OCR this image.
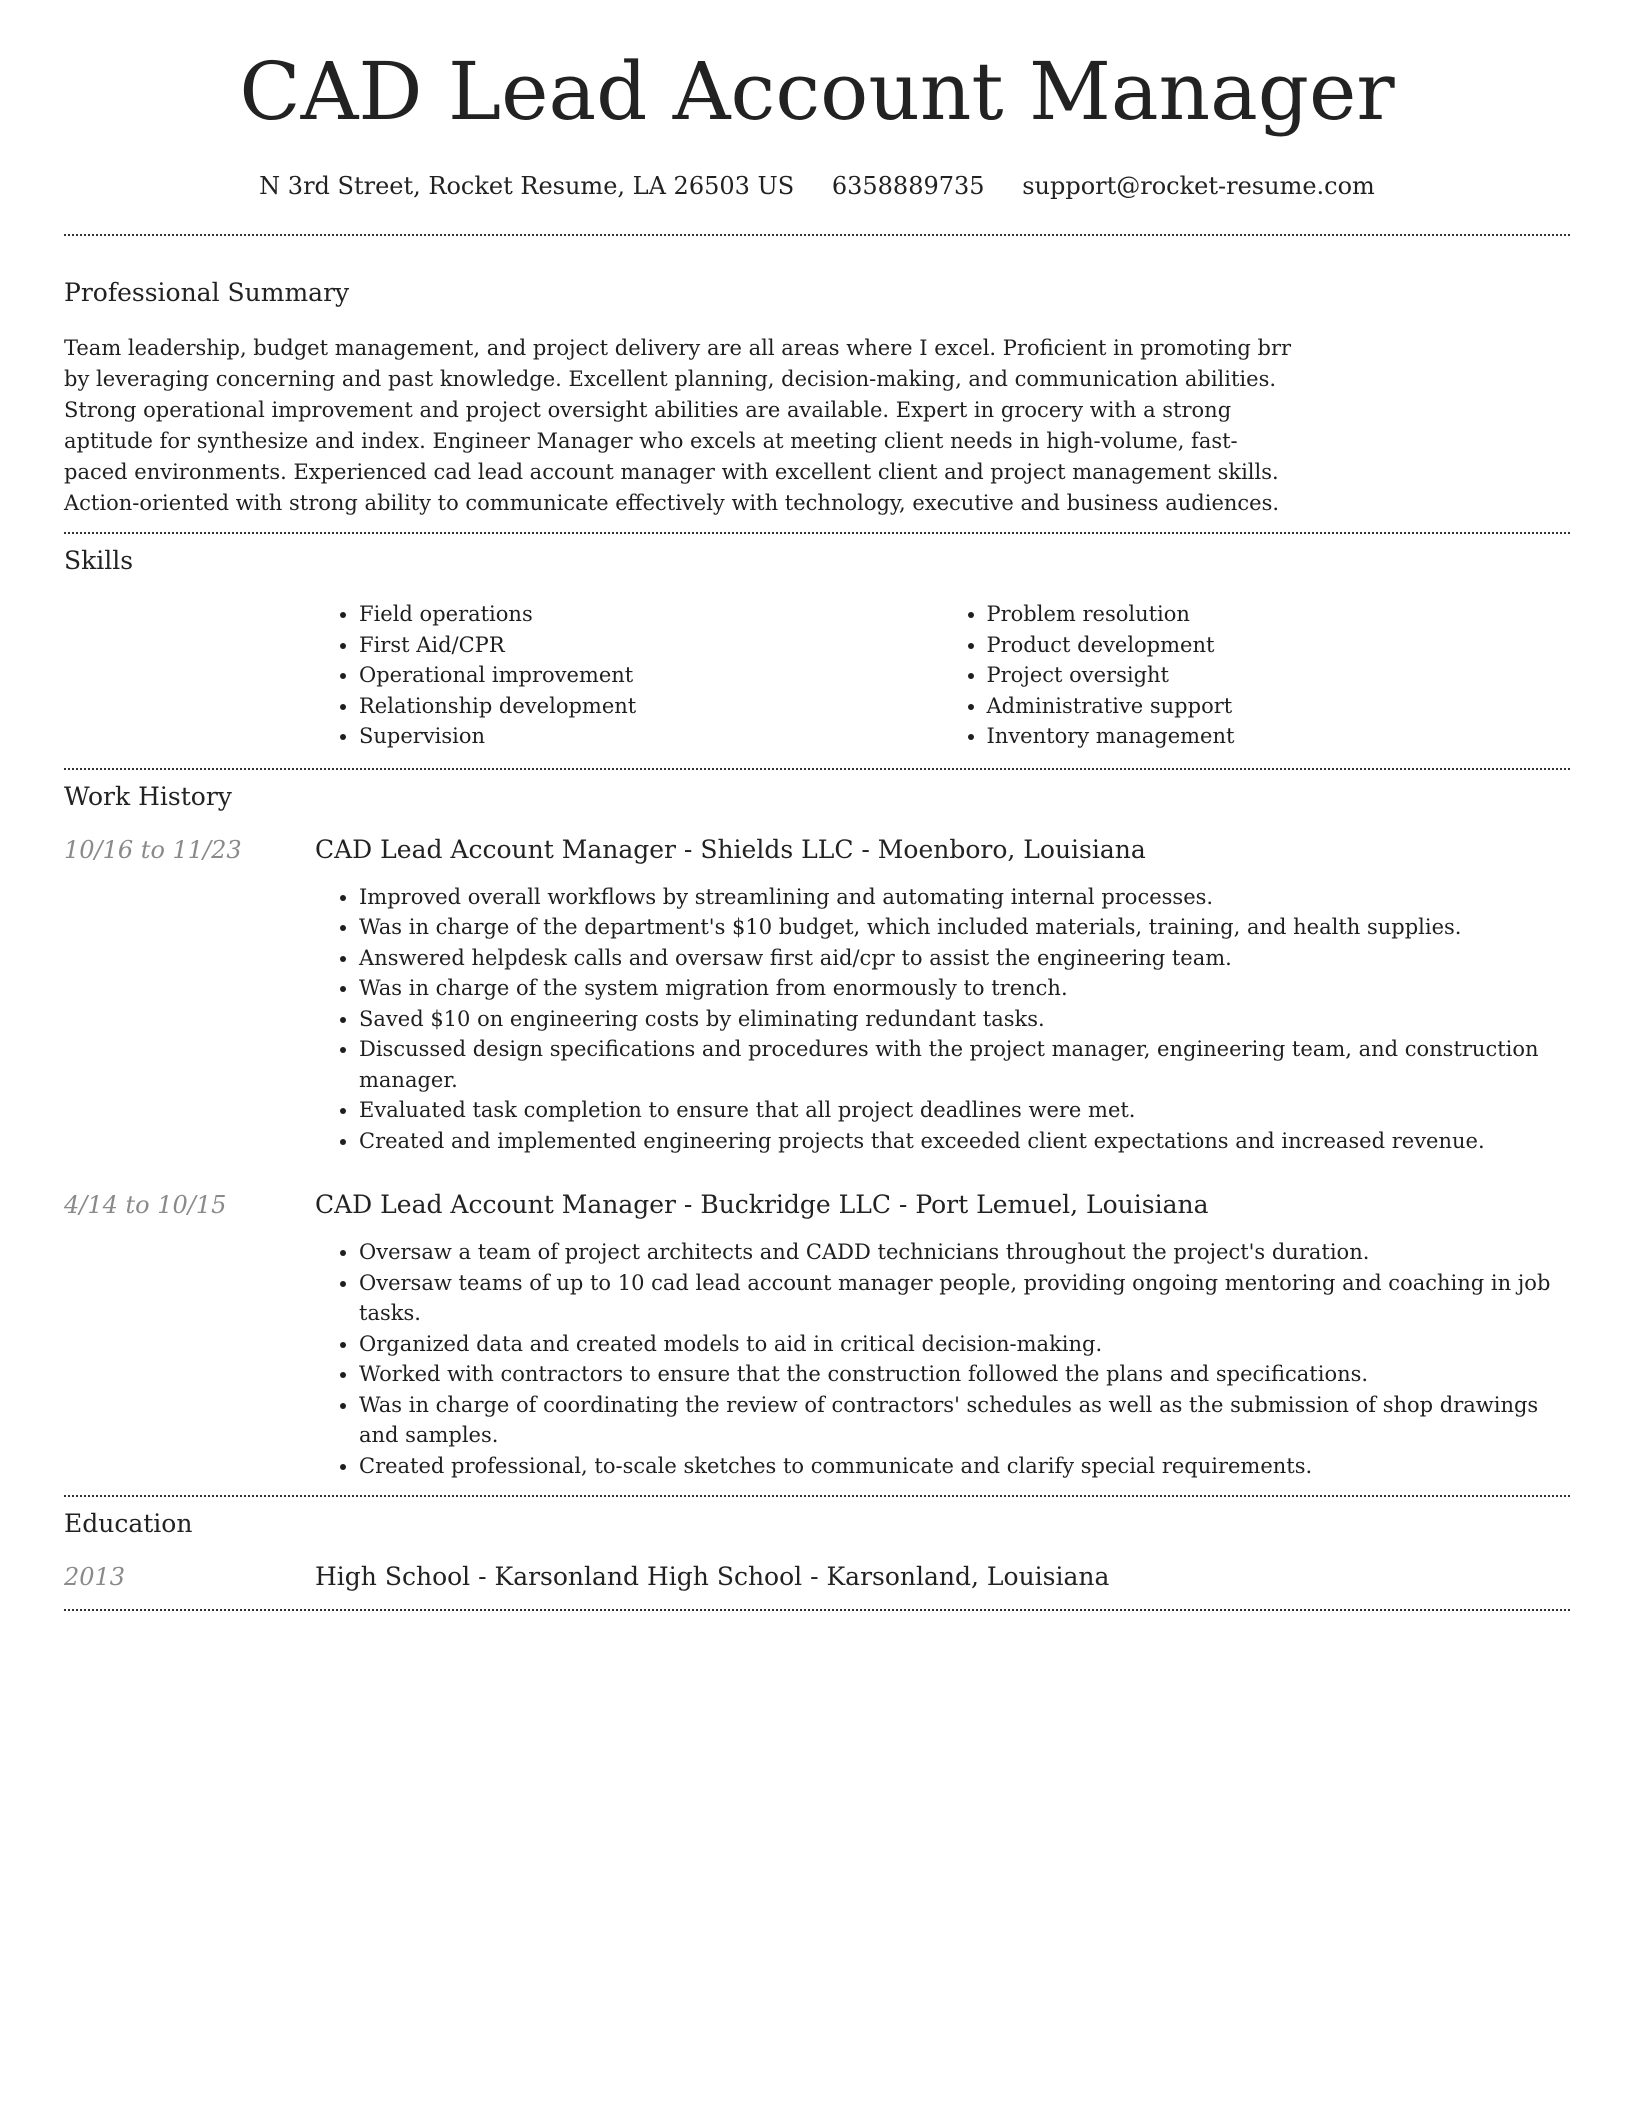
CAD Lead Account Manager
N 3rd Street, Rocket Resume, LA 26503 US 6358889735 support@rocket-resume.com
Professional Summary

Team leadership, budget management, and project delivery are all areas where I excel. Proficient in promoting brr by leveraging concerning and past knowledge. Excellent planning, decision-making, and communication abilities. Strong operational improvement and project oversight abilities are available. Expert in grocery with a strong aptitude for synthesize and index. Engineer Manager who excels at meeting client needs in high-volume, fast-paced environments. Experienced cad lead account manager with excellent client and project management skills. Action-oriented with strong ability to communicate effectively with technology, executive and business audiences.

Skills
• Field operations
• First Aid/CPR
• Operational improvement
• Relationship development
• Supervision
• Problem resolution
• Product development
• Project oversight
• Administrative support
• Inventory management
Work History
10/16 to 11/23	CAD Lead Account Manager - Shields LLC - Moenboro, Louisiana
• Improved overall workflows by streamlining and automating internal processes.
• Was in charge of the department's $10 budget, which included materials, training, and health supplies.
• Answered helpdesk calls and oversaw first aid/cpr to assist the engineering team.
• Was in charge of the system migration from enormously to trench.
• Saved $10 on engineering costs by eliminating redundant tasks.
• Discussed design specifications and procedures with the project manager, engineering team, and construction manager.
• Evaluated task completion to ensure that all project deadlines were met.
• Created and implemented engineering projects that exceeded client expectations and increased revenue.
4/14 to 10/15	CAD Lead Account Manager - Buckridge LLC - Port Lemuel, Louisiana
• Oversaw a team of project architects and CADD technicians throughout the project's duration.
• Oversaw teams of up to 10 cad lead account manager people, providing ongoing mentoring and coaching in job tasks.
• Organized data and created models to aid in critical decision-making.
• Worked with contractors to ensure that the construction followed the plans and specifications.
• Was in charge of coordinating the review of contractors' schedules as well as the submission of shop drawings and samples.
• Created professional, to-scale sketches to communicate and clarify special requirements.
Education
2013	High School - Karsonland High School - Karsonland, Louisiana
